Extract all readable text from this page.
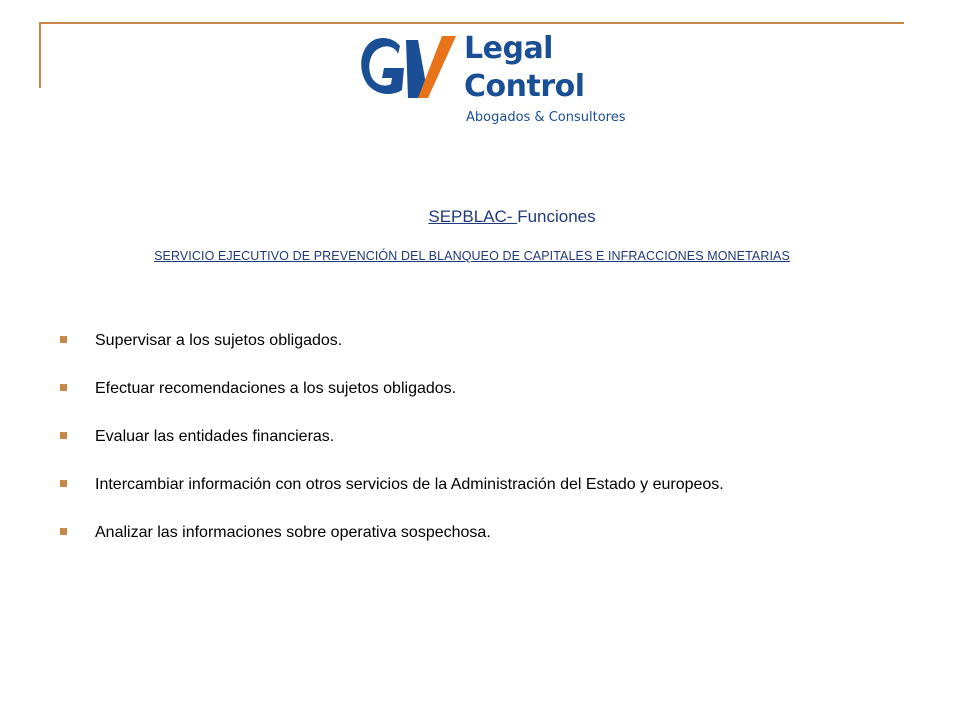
Legal
Control
Abogados & Consultores
SEPBLAC- Funciones
SERVICIO EJECUTIVO DE PREVENCIÓN DEL BLANQUEO DE CAPITALES E INFRACCIONES MONETARIAS
Supervisar a los sujetos obligados.
Efectuar recomendaciones a los sujetos obligados.
Evaluar las entidades financieras.
Intercambiar información con otros servicios de la Administración del Estado y europeos.
Analizar las informaciones sobre operativa sospechosa.
